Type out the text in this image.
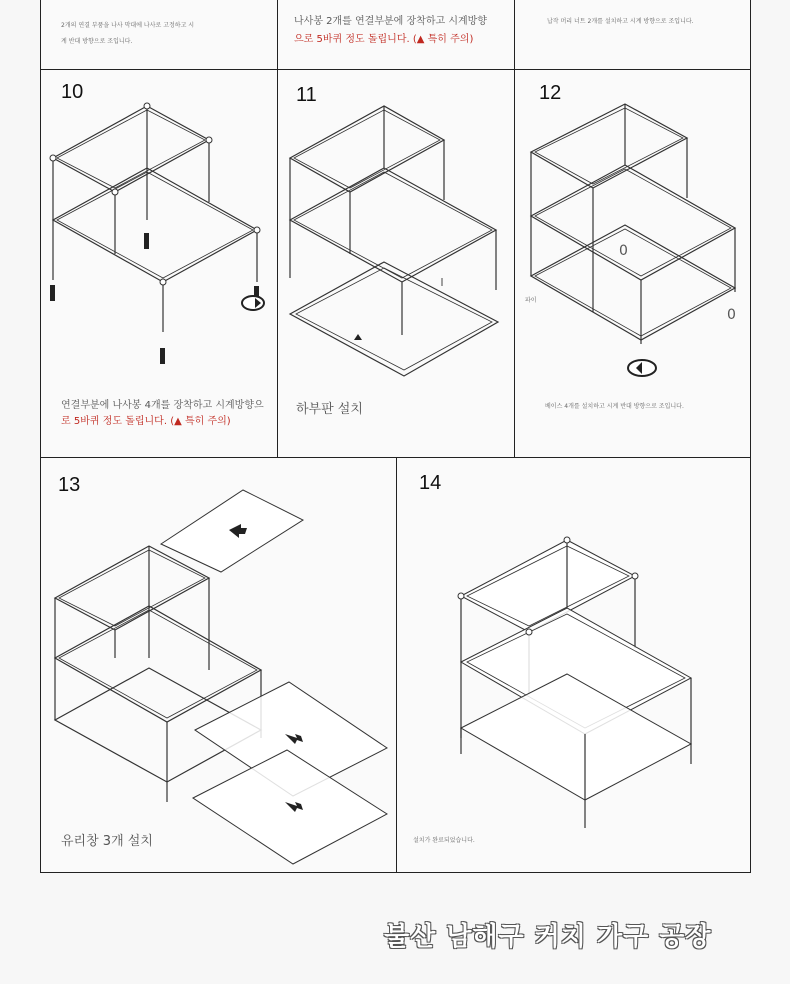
2개의 연결 부품을 나사 막대에 나사로 고정하고 시
계 반대 방향으로 조입니다.
나사봉 2개를 연결부분에 장착하고 시계방향
으로 5바퀴 정도 돌립니다. (▲ 특히 주의)
납작 머리 너트 2개를 설치하고 시계 방향으로 조입니다.
10
연결부분에 나사봉 4개를 장착하고 시계방향으
로 5바퀴 정도 돌립니다. (▲ 특히 주의)
11
하부판 설치
12
0
0
파이
베이스 4개를 설치하고 시계 반대 방향으로 조입니다.
13
유리창 3개 설치
14
설치가 완료되었습니다.
불산 남해구 커치 가구 공장
